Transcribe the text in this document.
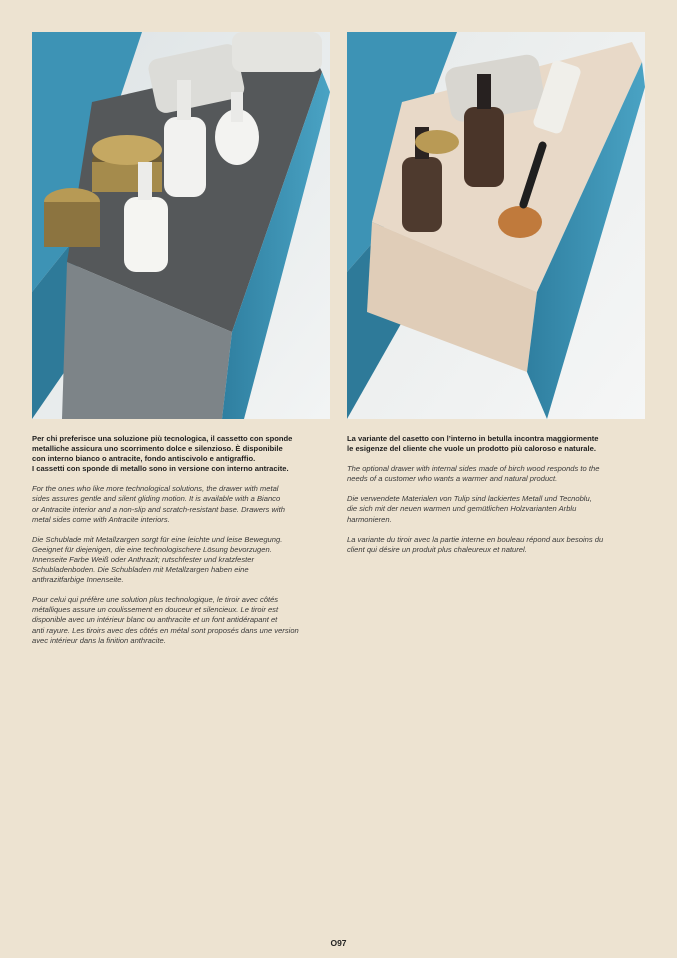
Per chi preferisce una soluzione più tecnologica, il cassetto con sponde
metalliche assicura uno scorrimento dolce e silenzioso. È disponibile
con interno bianco o antracite, fondo antiscivolo e antigraffio.
I cassetti con sponde di metallo sono in versione con interno antracite.

For the ones who like more technological solutions, the drawer with metal
sides assures gentle and silent gliding motion. It is available with a Bianco
or Antracite interior and a non-slip and scratch-resistant base. Drawers with
metal sides come with Antracite interiors.

Die Schublade mit Metallzargen sorgt für eine leichte und leise Bewegung.
Geeignet für diejenigen, die eine technologischere Lösung bevorzugen.
Innenseite Farbe Weiß oder Anthrazit; rutschfester und kratzfester
Schubladenboden. Die Schubladen mit Metallzargen haben eine
anthrazitfarbige Innenseite.

Pour celui qui préfère une solution plus technologique, le tiroir avec côtés
métalliques assure un coulissement en douceur et silencieux. Le tiroir est
disponible avec un intérieur blanc ou anthracite et un font antidérapant et
anti rayure. Les tiroirs avec des côtés en métal sont proposés dans une version
avec intérieur dans la finition anthracite.

La variante del casetto con l’interno in betulla incontra maggiormente
le esigenze del cliente che vuole un prodotto più caloroso e naturale.

The optional drawer with internal sides made of birch wood responds to the
needs of a customer who wants a warmer and natural product.

Die verwendete Materialen von Tulip sind lackiertes Metall und Tecnoblu,
die sich mit der neuen warmen und gemütlichen Holzvarianten Arblu
harmonieren.

La variante du tiroir avec la partie interne en bouleau répond aux besoins du
client qui désire un produit plus chaleureux et naturel.

O97
